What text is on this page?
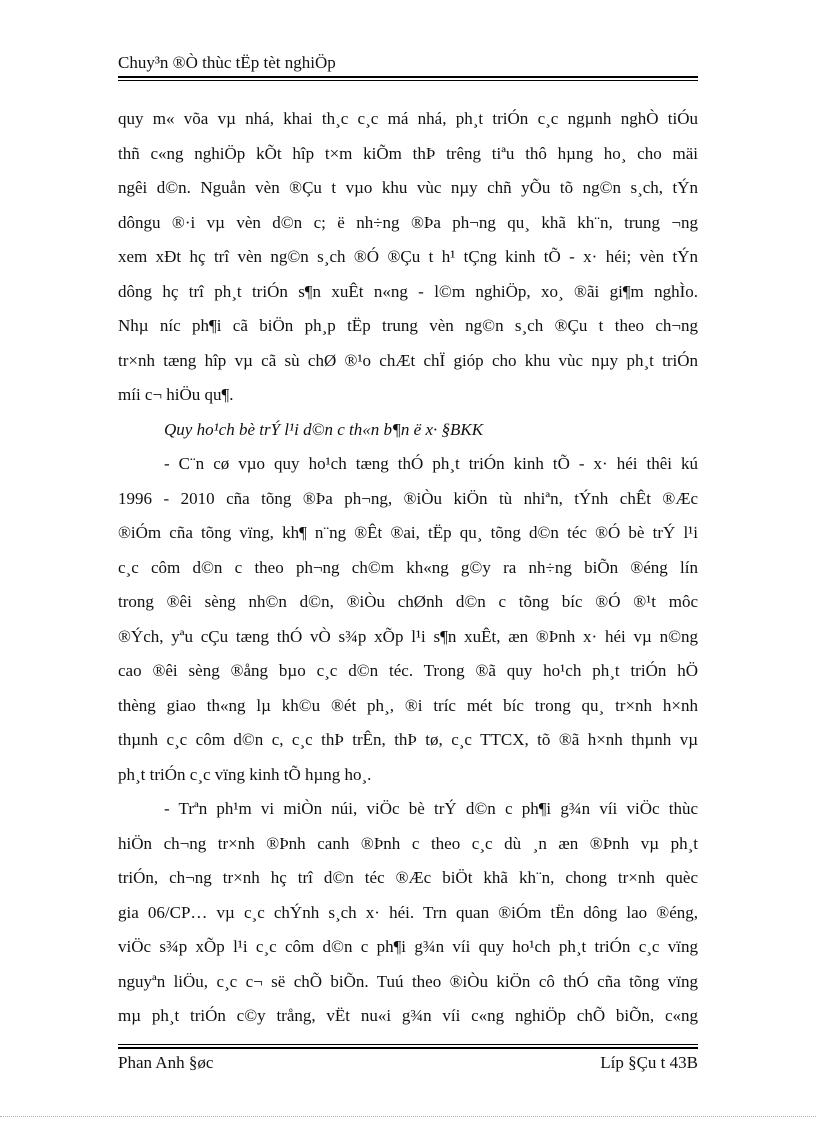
Chuy³n ®Ò thùc tËp tèt nghiÖp
quy m« võa vµ nhá, khai th¸c c¸c má nhá, ph¸t triÓn c¸c ngµnh nghÒ tiÓu
thñ c«ng nghiÖp kÕt hîp t×m kiÕm thÞ trêng tiªu thô hµng ho¸ cho mäi
ngêi d©n. Nguån vèn ®Çu t vµo khu vùc nµy chñ yÕu tõ ng©n s¸ch, tÝn
dôngu ®·i vµ vèn d©n c; ë nh÷ng ®Þa ph¬ng qu¸ khã kh¨n, trung ¬ng
xem xÐt hç trî vèn ng©n s¸ch ®Ó ®Çu t h¹ tÇng kinh tÕ - x· héi; vèn tÝn
dông hç trî ph¸t triÓn s¶n xuÊt n«ng - l©m nghiÖp, xo¸ ®ãi gi¶m nghÌo.
Nhµ níc ph¶i cã biÖn ph¸p tËp trung vèn ng©n s¸ch ®Çu t theo ch¬ng
tr×nh tæng hîp vµ cã sù chØ ®¹o chÆt chÏ gióp cho khu vùc nµy ph¸t triÓn
míi c¬ hiÖu qu¶.
Quy ho¹ch bè trÝ l¹i d©n c th«n b¶n ë x· §BKK
- C¨n cø vµo quy ho¹ch tæng thÓ ph¸t triÓn kinh tÕ - x· héi thêi kú
1996 - 2010 cña tõng ®Þa ph¬ng, ®iÒu kiÖn tù nhiªn, tÝnh chÊt ®Æc
®iÓm cña tõng vïng, kh¶ n¨ng ®Êt ®ai, tËp qu¸ tõng d©n téc ®Ó bè trÝ l¹i
c¸c côm d©n c theo ph¬ng ch©m kh«ng g©y ra nh÷ng biÕn ®éng lín
trong ®êi sèng nh©n d©n, ®iÒu chØnh d©n c tõng bíc ®Ó ®¹t môc
®Ých, yªu cÇu tæng thÓ vÒ s¾p xÕp l¹i s¶n xuÊt, æn ®Þnh x· héi vµ n©ng
cao ®êi sèng ®ång bµo c¸c d©n téc. Trong ®ã quy ho¹ch ph¸t triÓn hÖ
thèng giao th«ng lµ kh©u ®ét ph¸, ®i tríc mét bíc trong qu¸ tr×nh h×nh
thµnh c¸c côm d©n c, c¸c thÞ trÊn, thÞ tø, c¸c TTCX, tõ ®ã h×nh thµnh vµ
ph¸t triÓn c¸c vïng kinh tÕ hµng ho¸.
- Trªn ph¹m vi miÒn núi, viÖc bè trÝ d©n c ph¶i g¾n víi viÖc thùc
hiÖn ch¬ng tr×nh ®Þnh canh ®Þnh c theo c¸c dù ¸n æn ®Þnh vµ ph¸t
triÓn, ch¬ng tr×nh hç trî d©n téc ®Æc biÖt khã kh¨n, chong tr×nh quèc
gia 06/CP… vµ c¸c chÝnh s¸ch x· héi. Trn quan ®iÓm tËn dông lao ®éng,
viÖc s¾p xÕp l¹i c¸c côm d©n c ph¶i g¾n víi quy ho¹ch ph¸t triÓn c¸c vïng
nguyªn liÖu, c¸c c¬ së chÕ biÕn. Tuú theo ®iÒu kiÖn cô thÓ cña tõng vïng
mµ ph¸t triÓn c©y trång, vËt nu«i g¾n víi c«ng nghiÖp chÕ biÕn, c«ng
Phan Anh §øc	Líp §Çu t 43B
